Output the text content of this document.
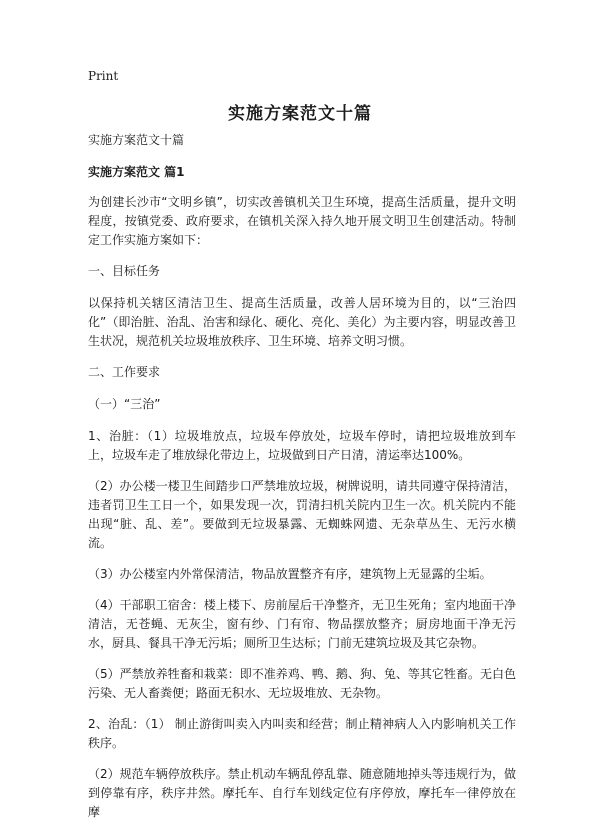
Print
实施方案范文十篇

实施方案范文十篇

实施方案范文 篇1

为创建长沙市“文明乡镇”，切实改善镇机关卫生环境，提高生活质量，提升文明程度，按镇党委、政府要求，在镇机关深入持久地开展文明卫生创建活动。特制定工作实施方案如下：

一、目标任务

以保持机关辖区清洁卫生、提高生活质量，改善人居环境为目的，以“三治四化”（即治脏、治乱、治害和绿化、硬化、亮化、美化）为主要内容，明显改善卫生状况，规范机关垃圾堆放秩序、卫生环境、培养文明习惯。

二、工作要求

（一）“三治”

1、治脏：（1）垃圾堆放点，垃圾车停放处，垃圾车停时，请把垃圾堆放到车上，垃圾车走了堆放绿化带边上，垃圾做到日产日清，清运率达100%。

（2）办公楼一楼卫生间踏步口严禁堆放垃圾，树牌说明，请共同遵守保持清洁，违者罚卫生工日一个，如果发现一次，罚清扫机关院内卫生一次。机关院内不能出现“脏、乱、差”。要做到无垃圾暴露、无蜘蛛网遗、无杂草丛生、无污水横流。

（3）办公楼室内外常保清洁，物品放置整齐有序，建筑物上无显露的尘垢。

（4）干部职工宿舍：楼上楼下、房前屋后干净整齐，无卫生死角；室内地面干净清洁，无苍蝇、无灰尘，窗有纱、门有帘、物品摆放整齐；厨房地面干净无污水，厨具、餐具干净无污垢；厕所卫生达标；门前无建筑垃圾及其它杂物。

（5）严禁放养牲畜和栽菜：即不准养鸡、鸭、鹅、狗、兔、等其它牲畜。无白色污染、无人畜粪便；路面无积水、无垃圾堆放、无杂物。

2、治乱：（1） 制止游街叫卖入内叫卖和经营；制止精神病人入内影响机关工作秩序。

（2）规范车辆停放秩序。禁止机动车辆乱停乱靠、随意随地掉头等违规行为，做到停靠有序，秩序井然。摩托车、自行车划线定位有序停放，摩托车一律停放在摩
